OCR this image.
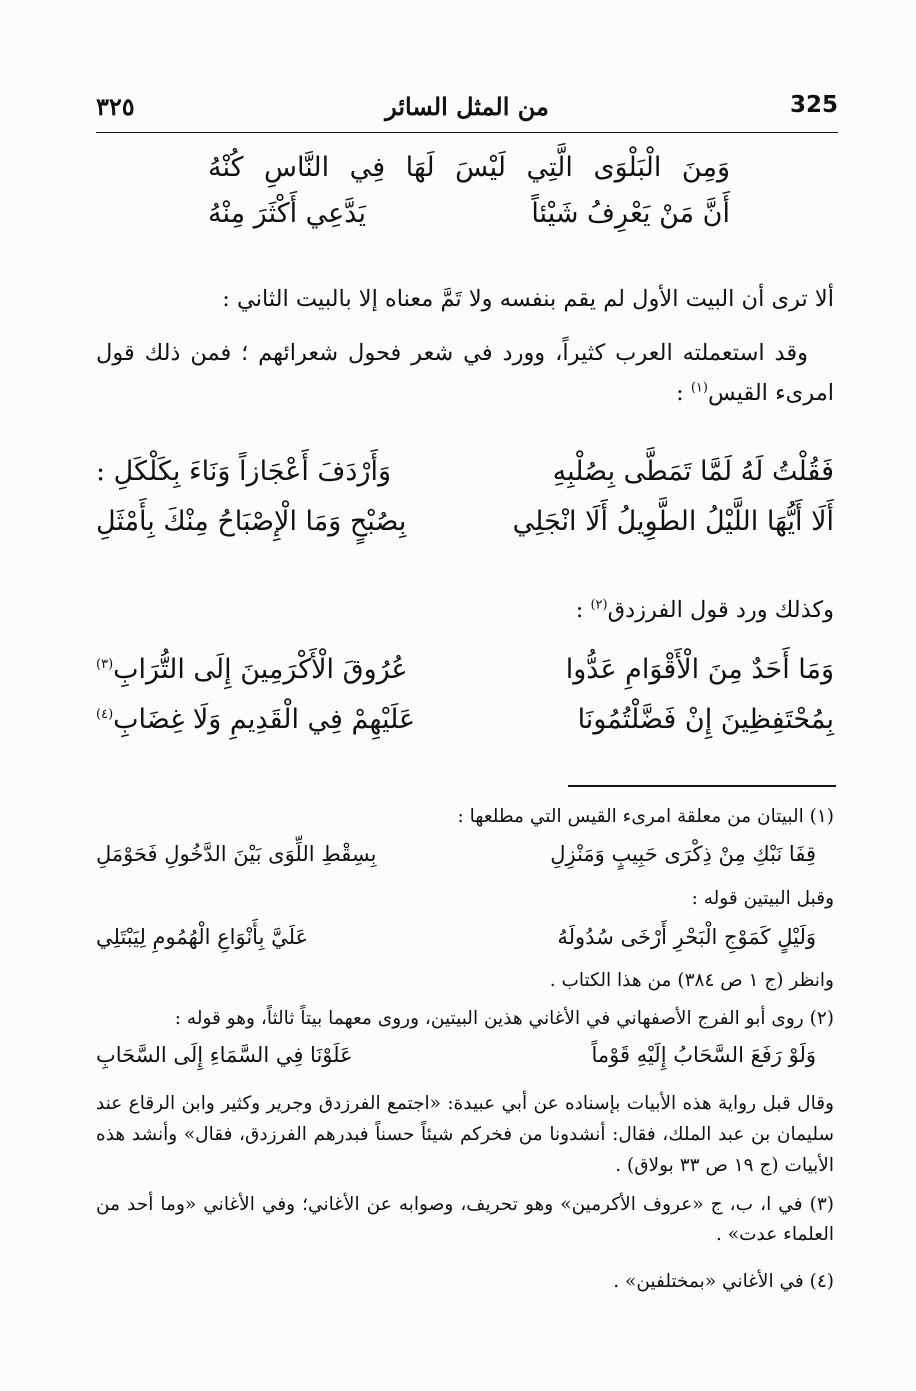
325
من المثل السائر
٣٢٥
وَمِنَ الْبَلْوَى الَّتِي لَيْسَ لَهَا فِي النَّاسِ كُنْهُ
أَنَّ مَنْ يَعْرِفُ شَيْئاً
يَدَّعِي أَكْثَرَ مِنْهُ
ألا ترى أن البيت الأول لم يقم بنفسه ولا تَمَّ معناه إلا بالبيت الثاني :
وقد استعملته العرب كثيراً، وورد في شعر فحول شعرائهم ؛ فمن ذلك قول امرىء القيس$^{(١)}$ :
فَقُلْتُ لَهُ لَمَّا تَمَطَّى بِصُلْبِهِ
وَأَرْدَفَ أَعْجَازاً وَنَاءَ بِكَلْكَلِ :
أَلَا أَيُّهَا اللَّيْلُ الطَّوِيلُ أَلَا انْجَلِي
بِصُبْحٍ وَمَا الْإِصْبَاحُ مِنْكَ بِأَمْثَلِ
وكذلك ورد قول الفرزدق$^{(٢)}$ :
وَمَا أَحَدٌ مِنَ الْأَقْوَامِ عَدُّوا
عُرُوقَ الْأَكْرَمِينَ إِلَى التُّرَابِ$^{(٣)}$
بِمُحْتَفِظِينَ إِنْ فَضَّلْتُمُونَا
عَلَيْهِمْ فِي الْقَدِيمِ وَلَا غِضَابِ$^{(٤)}$
(١) البيتان من معلقة امرىء القيس التي مطلعها :
قِفَا نَبْكِ مِنْ ذِكْرَى حَبِيبٍ وَمَنْزِلِ
بِسِقْطِ اللِّوَى بَيْنَ الدَّخُولِ فَحَوْمَلِ
وقبل البيتين قوله :
وَلَيْلٍ كَمَوْجِ الْبَحْرِ أَرْخَى سُدُولَهُ
عَلَيَّ بِأَنْوَاعِ الْهُمُومِ لِيَبْتَلِي
وانظر (ج ١ ص ٣٨٤) من هذا الكتاب .
(٢) روى أبو الفرج الأصفهاني في الأغاني هذين البيتين، وروى معهما بيتاً ثالثاً، وهو قوله :
وَلَوْ رَفَعَ السَّحَابُ إِلَيْهِ قَوْماً
عَلَوْنَا فِي السَّمَاءِ إِلَى السَّحَابِ
وقال قبل رواية هذه الأبيات بإسناده عن أبي عبيدة: «اجتمع الفرزدق وجرير وكثير وابن الرقاع عند سليمان بن عبد الملك، فقال: أنشدونا من فخركم شيئاً حسناً فبدرهم الفرزدق، فقال» وأنشد هذه الأبيات (ج ١٩ ص ٣٣ بولاق) .
(٣) في ا، ب، ج «عروف الأكرمين» وهو تحريف، وصوابه عن الأغاني؛ وفي الأغاني «وما أحد من العلماء عدت» .
(٤) في الأغاني «بمختلفين» .
